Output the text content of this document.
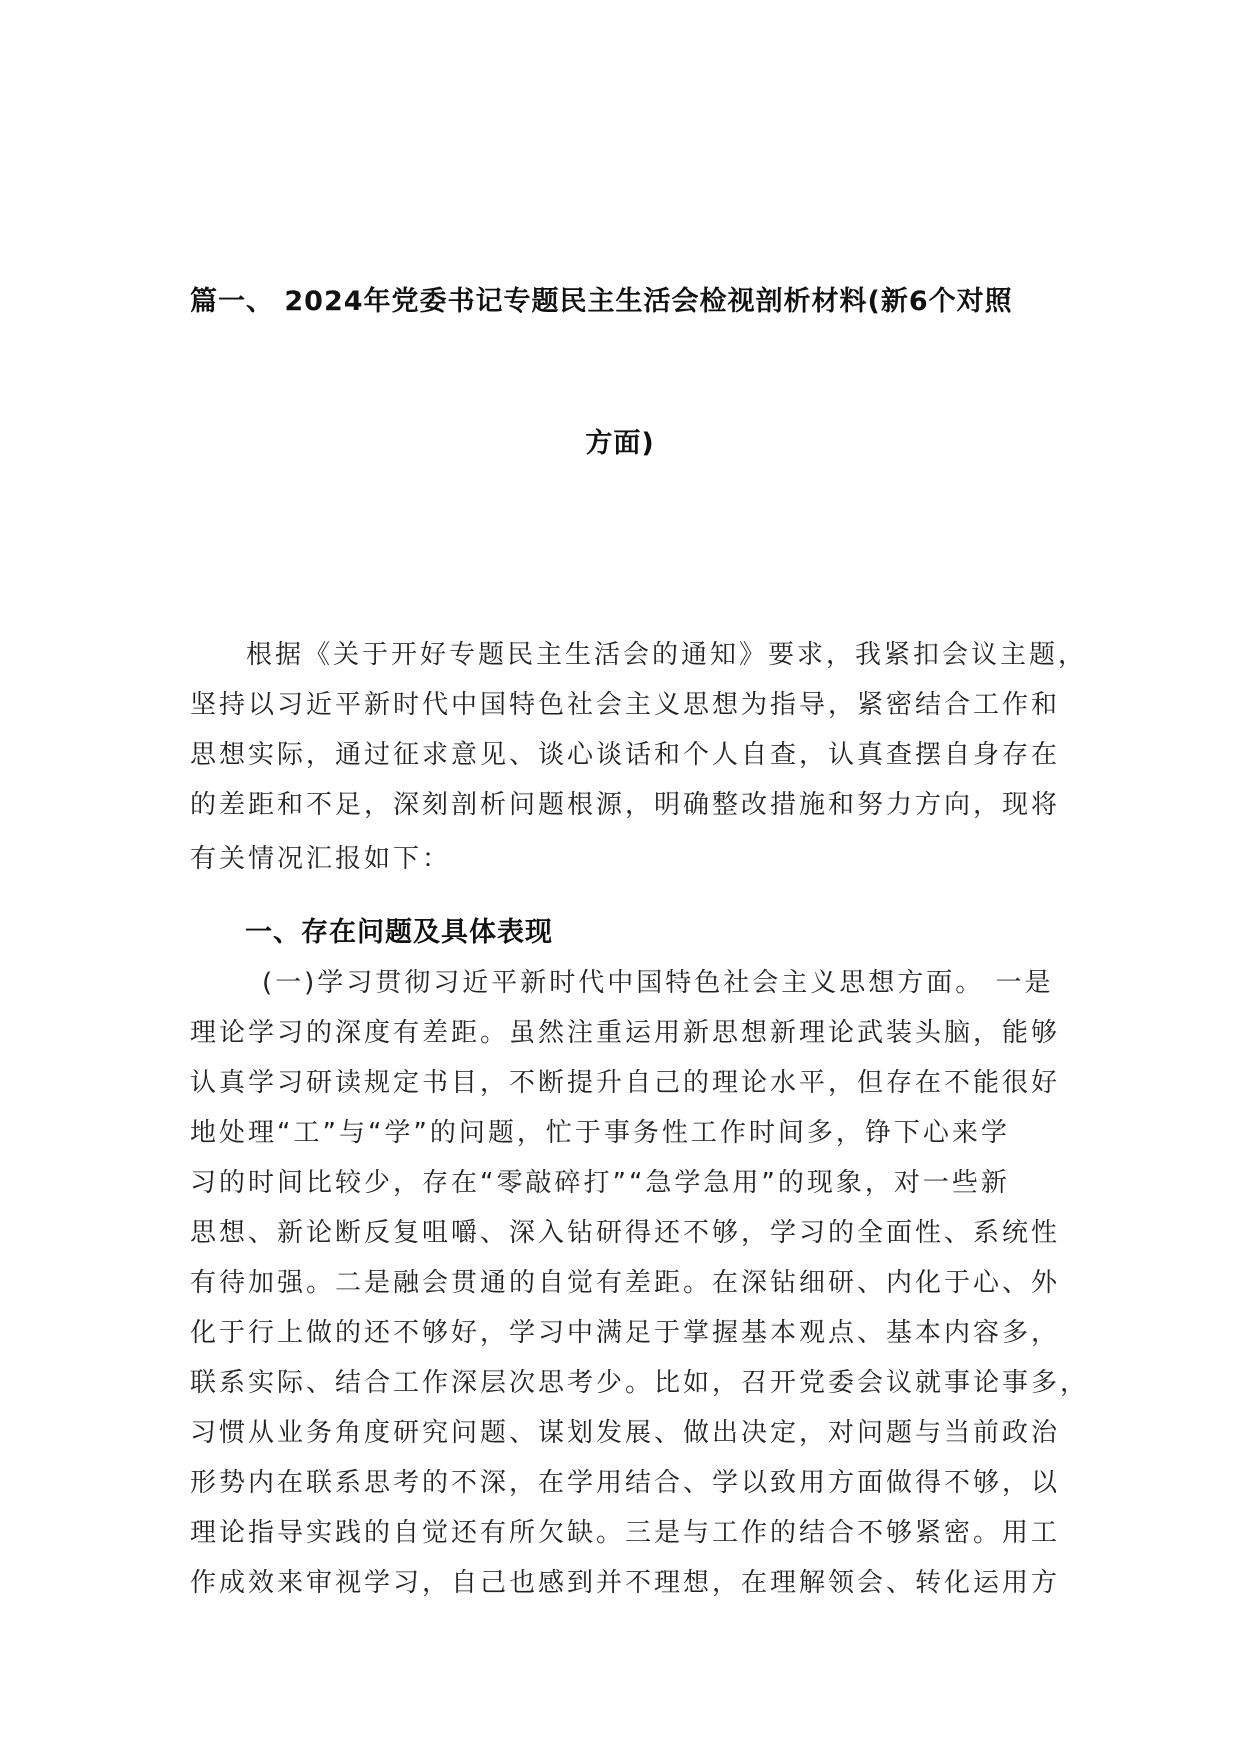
篇一、 2024年党委书记专题民主生活会检视剖析材料(新6个对照
方面)
根据《关于开好专题民主生活会的通知》要求，我紧扣会议主题，
坚持以习近平新时代中国特色社会主义思想为指导，紧密结合工作和
思想实际，通过征求意见、谈心谈话和个人自查，认真查摆自身存在
的差距和不足，深刻剖析问题根源，明确整改措施和努力方向，现将
有关情况汇报如下：
一、存在问题及具体表现
(一)学习贯彻习近平新时代中国特色社会主义思想方面。 一是
理论学习的深度有差距。虽然注重运用新思想新理论武装头脑，能够
认真学习研读规定书目，不断提升自己的理论水平，但存在不能很好
地处理“工”与“学”的问题，忙于事务性工作时间多，铮下心来学
习的时间比较少，存在“零敲碎打”“急学急用”的现象，对一些新
思想、新论断反复咀嚼、深入钻研得还不够，学习的全面性、系统性
有待加强。二是融会贯通的自觉有差距。在深钻细研、内化于心、外
化于行上做的还不够好，学习中满足于掌握基本观点、基本内容多，
联系实际、结合工作深层次思考少。比如，召开党委会议就事论事多，
习惯从业务角度研究问题、谋划发展、做出决定，对问题与当前政治
形势内在联系思考的不深，在学用结合、学以致用方面做得不够，以
理论指导实践的自觉还有所欠缺。三是与工作的结合不够紧密。用工
作成效来审视学习，自己也感到并不理想，在理解领会、转化运用方
